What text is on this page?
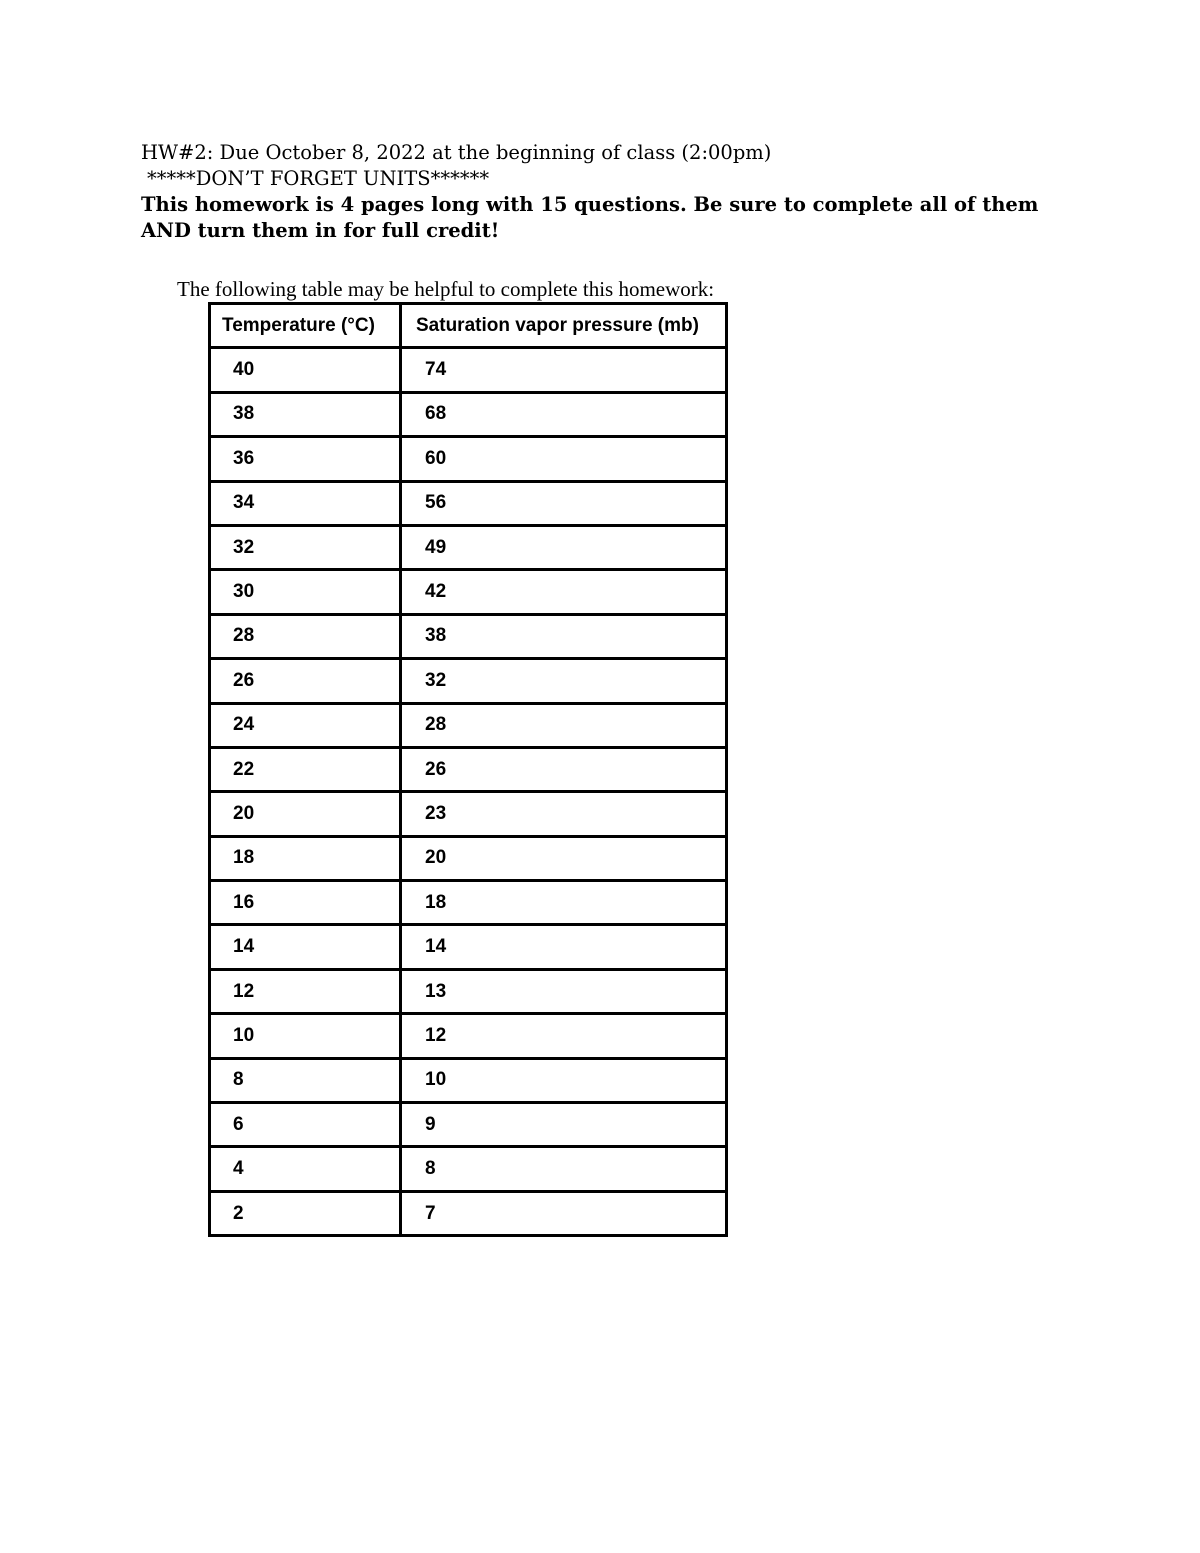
HW#2: Due October 8, 2022 at the beginning of class (2:00pm)
*****DON’T FORGET UNITS******
This homework is 4 pages long with 15 questions. Be sure to complete all of them AND turn them in for full credit!
The following table may be helpful to complete this homework:
Temperature (°C)	Saturation vapor pressure (mb)
40	74
38	68
36	60
34	56
32	49
30	42
28	38
26	32
24	28
22	26
20	23
18	20
16	18
14	14
12	13
10	12
8	10
6	9
4	8
2	7
